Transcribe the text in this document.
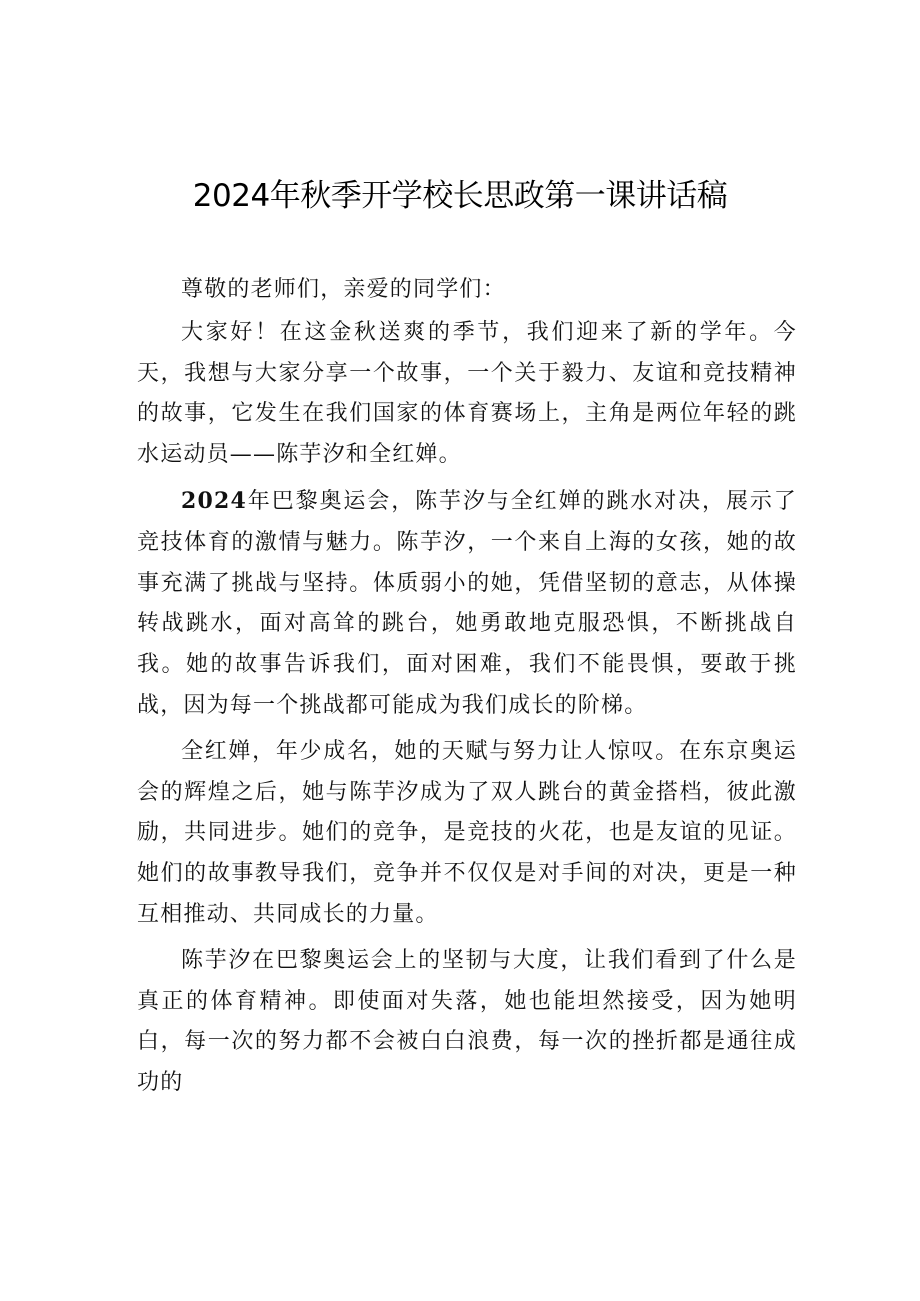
2024年秋季开学校长思政第一课讲话稿

尊敬的老师们，亲爱的同学们：

大家好！在这金秋送爽的季节，我们迎来了新的学年。今天，我想与大家分享一个故事，一个关于毅力、友谊和竞技精神的故事，它发生在我们国家的体育赛场上，主角是两位年轻的跳水运动员——陈芋汐和全红婵。

2024年巴黎奥运会，陈芋汐与全红婵的跳水对决，展示了竞技体育的激情与魅力。陈芋汐，一个来自上海的女孩，她的故事充满了挑战与坚持。体质弱小的她，凭借坚韧的意志，从体操转战跳水，面对高耸的跳台，她勇敢地克服恐惧，不断挑战自我。她的故事告诉我们，面对困难，我们不能畏惧，要敢于挑战，因为每一个挑战都可能成为我们成长的阶梯。

全红婵，年少成名，她的天赋与努力让人惊叹。在东京奥运会的辉煌之后，她与陈芋汐成为了双人跳台的黄金搭档，彼此激励，共同进步。她们的竞争，是竞技的火花，也是友谊的见证。她们的故事教导我们，竞争并不仅仅是对手间的对决，更是一种互相推动、共同成长的力量。

陈芋汐在巴黎奥运会上的坚韧与大度，让我们看到了什么是真正的体育精神。即使面对失落，她也能坦然接受，因为她明白，每一次的努力都不会被白白浪费，每一次的挫折都是通往成功的
